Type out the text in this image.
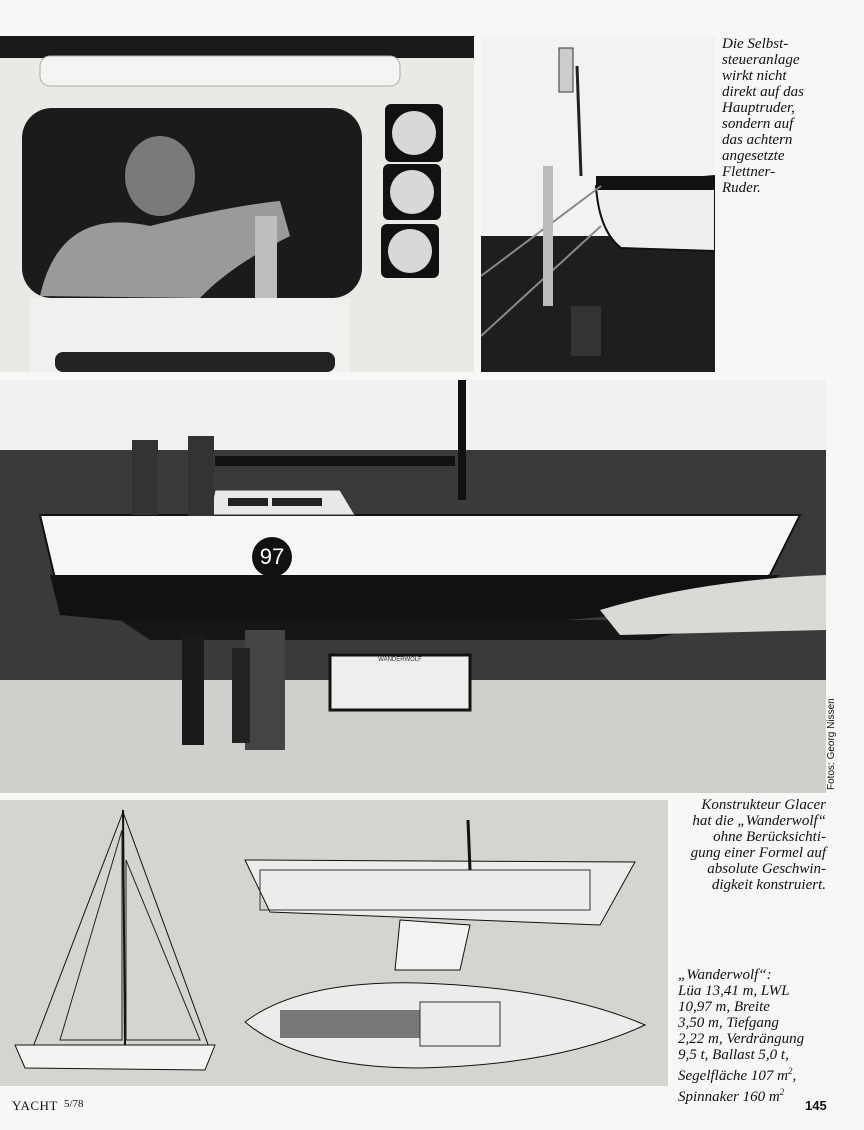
Die Selbst-
steueranlage
wirkt nicht
direkt auf das
Hauptruder,
sondern auf
das achtern
angesetzte
Flettner-
Ruder.
WANDERWOLF
97
Fotos: Georg Nissen
Konstrukteur Glacer
hat die „Wanderwolf“
ohne Berücksichti-
gung einer Formel auf
absolute Geschwin-
digkeit konstruiert.
„Wanderwolf“:
Lüa 13,41 m, LWL
10,97 m, Breite
3,50 m, Tiefgang
2,22 m, Verdrängung
9,5 t, Ballast 5,0 t,
Segelfläche 107 $m^2$,
Spinnaker 160 $m^2$
YACHT 5/78	145
